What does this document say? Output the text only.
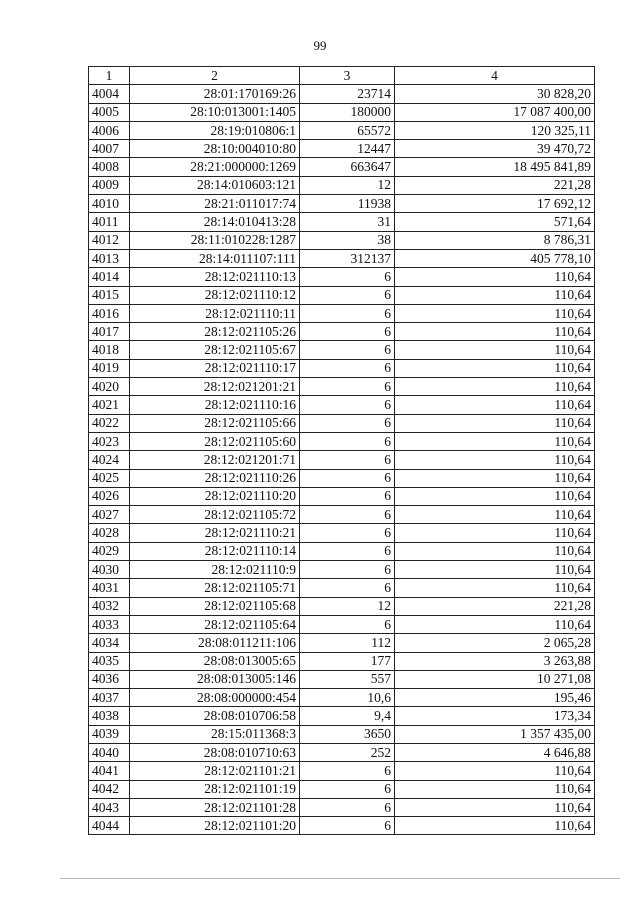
99
1	2	3	4
4004	28:01:170169:26	23714	30 828,20
4005	28:10:013001:1405	180000	17 087 400,00
4006	28:19:010806:1	65572	120 325,11
4007	28:10:004010:80	12447	39 470,72
4008	28:21:000000:1269	663647	18 495 841,89
4009	28:14:010603:121	12	221,28
4010	28:21:011017:74	11938	17 692,12
4011	28:14:010413:28	31	571,64
4012	28:11:010228:1287	38	8 786,31
4013	28:14:011107:111	312137	405 778,10
4014	28:12:021110:13	6	110,64
4015	28:12:021110:12	6	110,64
4016	28:12:021110:11	6	110,64
4017	28:12:021105:26	6	110,64
4018	28:12:021105:67	6	110,64
4019	28:12:021110:17	6	110,64
4020	28:12:021201:21	6	110,64
4021	28:12:021110:16	6	110,64
4022	28:12:021105:66	6	110,64
4023	28:12:021105:60	6	110,64
4024	28:12:021201:71	6	110,64
4025	28:12:021110:26	6	110,64
4026	28:12:021110:20	6	110,64
4027	28:12:021105:72	6	110,64
4028	28:12:021110:21	6	110,64
4029	28:12:021110:14	6	110,64
4030	28:12:021110:9	6	110,64
4031	28:12:021105:71	6	110,64
4032	28:12:021105:68	12	221,28
4033	28:12:021105:64	6	110,64
4034	28:08:011211:106	112	2 065,28
4035	28:08:013005:65	177	3 263,88
4036	28:08:013005:146	557	10 271,08
4037	28:08:000000:454	10,6	195,46
4038	28:08:010706:58	9,4	173,34
4039	28:15:011368:3	3650	1 357 435,00
4040	28:08:010710:63	252	4 646,88
4041	28:12:021101:21	6	110,64
4042	28:12:021101:19	6	110,64
4043	28:12:021101:28	6	110,64
4044	28:12:021101:20	6	110,64
